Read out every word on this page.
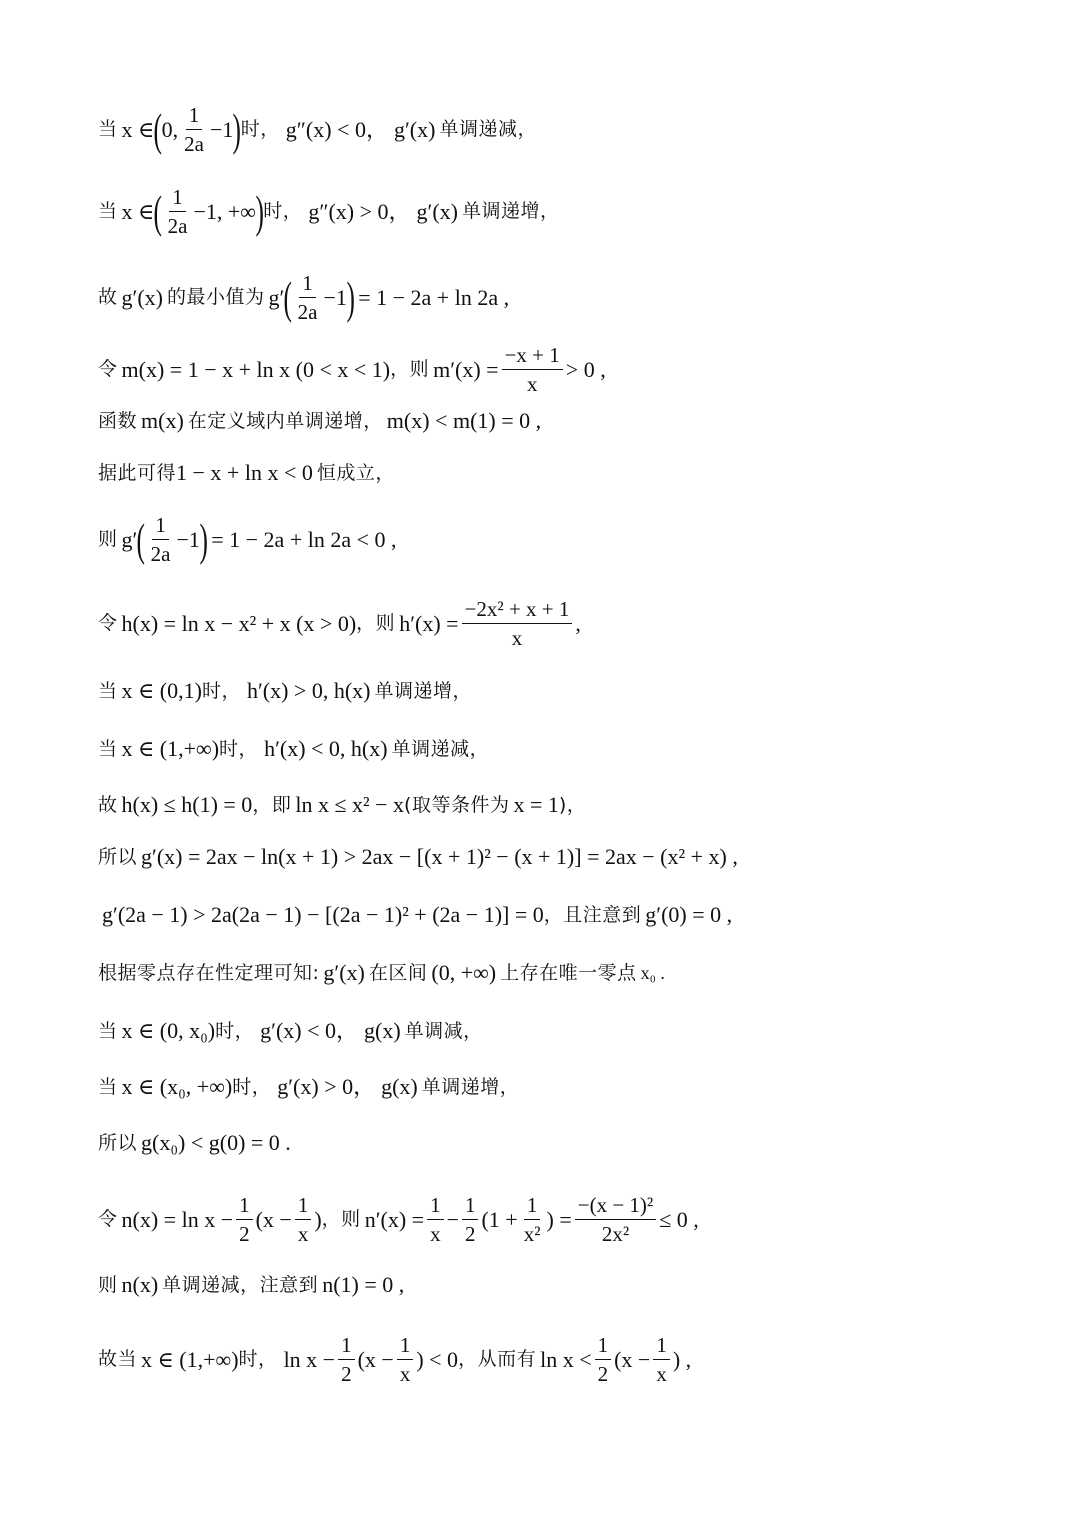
当 x ∈ ( 0, $\frac{1}{2a} -1$ ) 时， g″(x) < 0， g′(x) 单调递减，
当 x ∈ ( $\frac{1}{2a} -1$, +∞ ) 时， g″(x) > 0， g′(x) 单调递增，
故 g′(x) 的最小值为 g′ ( $\frac{1}{2a} -1$ ) = 1 − 2a + ln 2a ,
令 m(x) = 1 − x + ln x (0 < x < 1) ，则 $m'(x) = \frac{-x + 1}{x} > 0$ ,
函数 m(x) 在定义域内单调递增， m(x) < m(1) = 0 ,
据此可得 1 − x + ln x < 0 恒成立，
则 g′ ( $\frac{1}{2a} -1$ ) = 1 − 2a + ln 2a < 0 ,
令 h(x) = ln x − x² + x (x > 0) ，则 $h'(x) = \frac{\text{−2x² + x + 1}}{x}$ ,
当 x ∈ (0,1) 时， h′(x) > 0, h(x) 单调递增，
当 x ∈ (1,+∞) 时， h′(x) < 0, h(x) 单调递减，
故 h(x) ≤ h(1) = 0 ，即 ln x ≤ x² − x (取等条件为 x = 1 )，
所以 g′(x) = 2ax − ln(x + 1) > 2ax − [(x + 1)² − (x + 1)] = 2ax − (x² + x) ,
g′(2a − 1) > 2a(2a − 1) − [(2a − 1)² + (2a − 1)] = 0 ，且注意到 g′(0) = 0 ,
根据零点存在性定理可知: g′(x) 在区间 (0, +∞) 上存在唯一零点 x₀ .
当 x ∈ (0, x₀) 时， g′(x) < 0， g(x) 单调减，
当 x ∈ (x₀, +∞) 时， g′(x) > 0， g(x) 单调递增，
所以 g(x₀) < g(0) = 0 .
令 $n(x) = \ln x - \frac{1}{2} (x - \frac{1}{x}$ ) ，则 $n'(x) = \frac{1}{x} - \frac{1}{2} (1 + \frac{1}{\text{x²}}$ ) = $\frac{\text{−(x − 1)²}}{\text{2x²}} \le 0$ ,
则 n(x) 单调递减，注意到 n(1) = 0 ,
故当 x ∈ (1,+∞) 时， $\ln x - \frac{1}{2} (x - \frac{1}{x}$ ) < 0 ，从而有 $\ln x < \frac{1}{2} (x - \frac{1}{x}$ ) ,
